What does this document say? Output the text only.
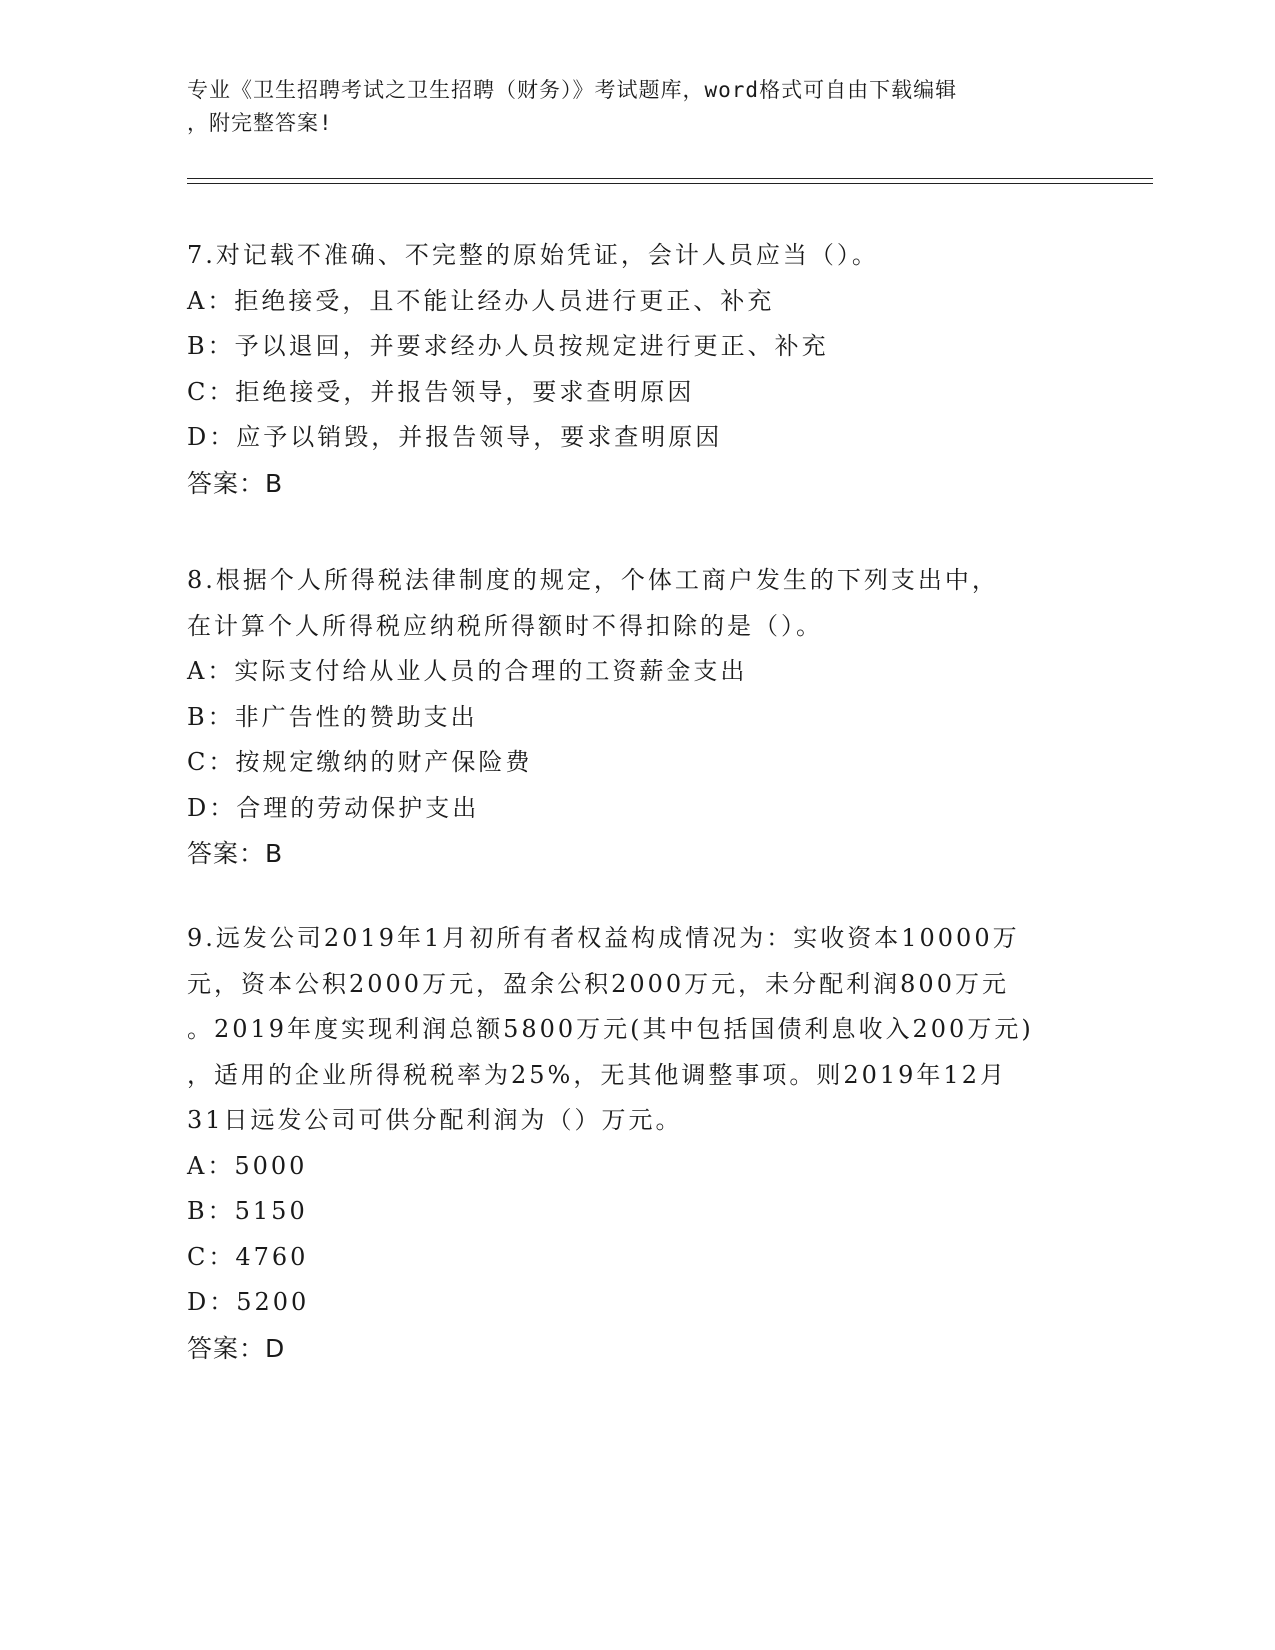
专业《卫生招聘考试之卫生招聘（财务）》考试题库，word格式可自由下载编辑
，附完整答案!
7.对记载不准确、不完整的原始凭证，会计人员应当（）。
A：拒绝接受，且不能让经办人员进行更正、补充
B：予以退回，并要求经办人员按规定进行更正、补充
C：拒绝接受，并报告领导，要求查明原因
D：应予以销毁，并报告领导，要求查明原因
答案：B
8.根据个人所得税法律制度的规定，个体工商户发生的下列支出中，
在计算个人所得税应纳税所得额时不得扣除的是（）。
A：实际支付给从业人员的合理的工资薪金支出
B：非广告性的赞助支出
C：按规定缴纳的财产保险费
D：合理的劳动保护支出
答案：B
9.远发公司2019年1月初所有者权益构成情况为：实收资本10000万
元，资本公积2000万元，盈余公积2000万元，未分配利润800万元
。2019年度实现利润总额5800万元(其中包括国债利息收入200万元)
，适用的企业所得税税率为25%，无其他调整事项。则2019年12月
31日远发公司可供分配利润为（）万元。
A：5000
B：5150
C：4760
D：5200
答案：D
